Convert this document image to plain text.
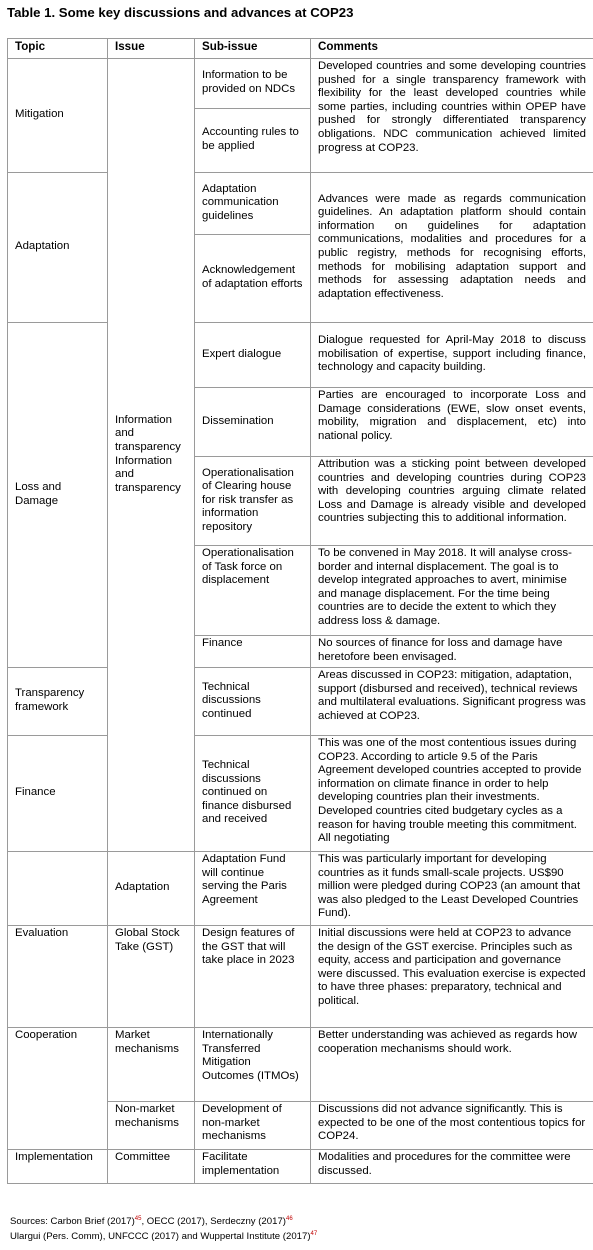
Table 1. Some key discussions and advances at COP23
Topic	Issue	Sub-issue	Comments
Mitigation	Information and transparency Information and transparency	Information to be provided on NDCs	Developed countries and some developing countries pushed for a single transparency framework with flexibility for the least developed countries while some parties, including countries within OPEP have pushed for strongly differentiated transparency obligations. NDC communication achieved limited progress at COP23.
		Accounting rules to be applied	
Adaptation		Adaptation communication guidelines	Advances were made as regards communication guidelines. An adaptation platform should contain information on guidelines for adaptation communications, modalities and procedures for a public registry, methods for recognising efforts, methods for mobilising adaptation support and methods for assessing adaptation needs and adaptation effectiveness.
		Acknowledgement of adaptation efforts	
Loss and Damage		Expert dialogue	Dialogue requested for April-May 2018 to discuss mobilisation of expertise, support including finance, technology and capacity building.
		Dissemination	Parties are encouraged to incorporate Loss and Damage considerations (EWE, slow onset events, mobility, migration and displacement, etc) into national policy.
		Operationalisation of Clearing house for risk transfer as information repository	Attribution was a sticking point between developed countries and developing countries during COP23 with developing countries arguing climate related Loss and Damage is already visible and developed countries subjecting this to additional information.
		Operationalisation of Task force on displacement	To be convened in May 2018. It will analyse cross-border and internal displacement. The goal is to develop integrated approaches to avert, minimise and manage displacement. For the time being countries are to decide the extent to which they address loss & damage.
		Finance	No sources of finance for loss and damage have heretofore been envisaged.
Transparency framework		Technical discussions continued	Areas discussed in COP23: mitigation, adaptation, support (disbursed and received), technical reviews and multilateral evaluations. Significant progress was achieved at COP23.
Finance		Technical discussions continued on finance disbursed and received	This was one of the most contentious issues during COP23. According to article 9.5 of the Paris Agreement developed countries accepted to provide information on climate finance in order to help developing countries plan their investments. Developed countries cited budgetary cycles as a reason for having trouble meeting this commitment. All negotiating
	Adaptation	Adaptation Fund will continue serving the Paris Agreement	This was particularly important for developing countries as it funds small-scale projects. US$90 million were pledged during COP23 (an amount that was also pledged to the Least Developed Countries Fund).
Evaluation	Global Stock Take (GST)	Design features of the GST that will take place in 2023	Initial discussions were held at COP23 to advance the design of the GST exercise. Principles such as equity, access and participation and governance were discussed. This evaluation exercise is expected to have three phases: preparatory, technical and political.
Cooperation	Market mechanisms	Internationally Transferred Mitigation Outcomes (ITMOs)	Better understanding was achieved as regards how cooperation mechanisms should work.
	Non-market mechanisms	Development of non-market mechanisms	Discussions did not advance significantly. This is expected to be one of the most contentious topics for COP24.
Implementation	Committee	Facilitate implementation	Modalities and procedures for the committee were discussed.
Sources: Carbon Brief $(2017)^{45}$, OECC (2017), Serdeczny $(2017)^{46}$
Ulargui (Pers. Comm), UNFCCC (2017) and Wuppertal Institute $(2017)^{47}$
